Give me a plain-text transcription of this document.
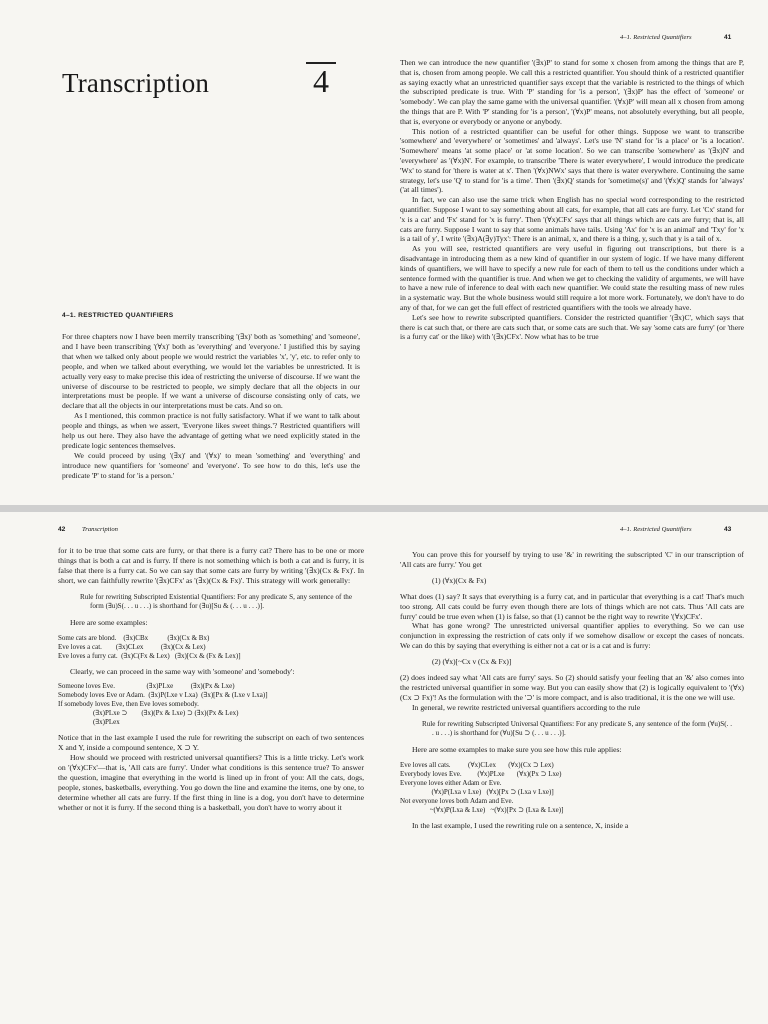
Transcription	4
4–1. RESTRICTED QUANTIFIERS

For three chapters now I have been merrily transcribing '(∃x)' both as 'something' and 'someone', and I have been transcribing '(∀x)' both as 'everything' and 'everyone.' I justified this by saying that when we talked only about people we would restrict the variables 'x', 'y', etc. to refer only to people, and when we talked about everything, we would let the variables be unrestricted. It is actually very easy to make precise this idea of restricting the universe of discourse. If we want the universe of discourse to be restricted to people, we simply declare that all the objects in our interpretations must be people. If we want a universe of discourse consisting only of cats, we declare that all the objects in our interpretations must be cats. And so on.

As I mentioned, this common practice is not fully satisfactory. What if we want to talk about people and things, as when we assert, 'Everyone likes sweet things.'? Restricted quantifiers will help us out here. They also have the advantage of getting what we need explicitly stated in the predicate logic sentences themselves.

We could proceed by using '(∃x)' and '(∀x)' to mean 'something' and 'everything' and introduce new quantifiers for 'someone' and 'everyone'. To see how to do this, let's use the predicate 'P' to stand for 'is a person.'

4–1. Restricted Quantifiers	41

Then we can introduce the new quantifier '(∃x)P' to stand for some x chosen from among the things that are P, that is, chosen from among people. We call this a restricted quantifier. You should think of a restricted quantifier as saying exactly what an unrestricted quantifier says except that the variable is restricted to the things of which the subscripted predicate is true. With 'P' standing for 'is a person', '(∃x)P' has the effect of 'someone' or 'somebody'. We can play the same game with the universal quantifier. '(∀x)P' will mean all x chosen from among the things that are P. With 'P' standing for 'is a person', '(∀x)P' means, not absolutely everything, but all people, that is, everyone or everybody or anyone or anybody.

This notion of a restricted quantifier can be useful for other things. Suppose we want to transcribe 'somewhere' and 'everywhere' or 'sometimes' and 'always'. Let's use 'N' stand for 'is a place' or 'is a location'. 'Somewhere' means 'at some place' or 'at some location'. So we can transcribe 'somewhere' as '(∃x)N' and 'everywhere' as '(∀x)N'. For example, to transcribe 'There is water everywhere', I would introduce the predicate 'Wx' to stand for 'there is water at x'. Then '(∀x)NWx' says that there is water everywhere. Continuing the same strategy, let's use 'Q' to stand for 'is a time'. Then '(∃x)Q' stands for 'sometime(s)' and '(∀x)Q' stands for 'always' ('at all times').

In fact, we can also use the same trick when English has no special word corresponding to the restricted quantifier. Suppose I want to say something about all cats, for example, that all cats are furry. Let 'Cx' stand for 'x is a cat' and 'Fx' stand for 'x is furry'. Then '(∀x)CFx' says that all things which are cats are furry; that is, all cats are furry. Suppose I want to say that some animals have tails. Using 'Ax' for 'x is an animal' and 'Txy' for 'x is a tail of y', I write '(∃x)A(∃y)Tyx': There is an animal, x, and there is a thing, y, such that y is a tail of x.

As you will see, restricted quantifiers are very useful in figuring out transcriptions, but there is a disadvantage in introducing them as a new kind of quantifier in our system of logic. If we have many different kinds of quantifiers, we will have to specify a new rule for each of them to tell us the conditions under which a sentence formed with the quantifier is true. And when we get to checking the validity of arguments, we will have to have a new rule of inference to deal with each new quantifier. We could state the resulting mass of new rules in a systematic way. But the whole business would still require a lot more work. Fortunately, we don't have to do any of that, for we can get the full effect of restricted quantifiers with the tools we already have.

Let's see how to rewrite subscripted quantifiers. Consider the restricted quantifier '(∃x)C', which says that there is cat such that, or there are cats such that, or some cats are such that. We say 'some cats are furry' (or 'there is a furry cat' or the like) with '(∃x)CFx'. Now what has to be true

42	Transcription

for it to be true that some cats are furry, or that there is a furry cat? There has to be one or more things that is both a cat and is furry. If there is not something which is both a cat and is furry, it is false that there is a furry cat. So we can say that some cats are furry by writing '(∃x)(Cx & Fx)'. In short, we can faithfully rewrite '(∃x)CFx' as '(∃x)(Cx & Fx)'. This strategy will work generally:

Rule for rewriting Subscripted Existential Quantifiers: For any predicate S, any sentence of the form (∃u)S(. . . u . . .) is shorthand for (∃u)[Su & (. . . u . . .)].

Here are some examples:

Some cats are blond.    (∃x)CBx           (∃x)(Cx & Bx)
Eve loves a cat.        (∃x)CLex          (∃x)(Cx & Lex)
Eve loves a furry cat.  (∃x)C(Fx & Lex)   (∃x)[Cx & (Fx & Lex)]

Clearly, we can proceed in the same way with 'someone' and 'somebody':

Someone loves Eve.                  (∃x)PLxe          (∃x)(Px & Lxe)
Somebody loves Eve or Adam.  (∃x)P(Lxe v Lxa)  (∃x)[Px & (Lxe v Lxa)]
If somebody loves Eve, then Eve loves somebody.
(∃x)PLxe ⊃        (∃x)(Px & Lxe) ⊃ (∃x)(Px & Lex)
(∃x)PLex

Notice that in the last example I used the rule for rewriting the subscript on each of two sentences X and Y, inside a compound sentence, X ⊃ Y.

How should we proceed with restricted universal quantifiers? This is a little tricky. Let's work on '(∀x)CFx'—that is, 'All cats are furry'. Under what conditions is this sentence true? To answer the question, imagine that everything in the world is lined up in front of you: All the cats, dogs, people, stones, basketballs, everything. You go down the line and examine the items, one by one, to determine whether all cats are furry. If the first thing in line is a dog, you don't have to determine whether or not it is furry. If the second thing is a basketball, you don't have to worry about it

4–1. Restricted Quantifiers	43

You can prove this for yourself by trying to use '&' in rewriting the subscripted 'C' in our transcription of 'All cats are furry.' You get

(1) (∀x)(Cx & Fx)

What does (1) say? It says that everything is a furry cat, and in particular that everything is a cat! That's much too strong. All cats could be furry even though there are lots of things which are not cats. Thus 'All cats are furry' could be true even when (1) is false, so that (1) cannot be the right way to rewrite '(∀x)CFx'.

What has gone wrong? The unrestricted universal quantifier applies to everything. So we can use conjunction in expressing the restriction of cats only if we somehow disallow or except the cases of noncats. We can do this by saying that everything is either not a cat or is a cat and is furry:

(2) (∀x)[~Cx v (Cx & Fx)]

(2) does indeed say what 'All cats are furry' says. So (2) should satisfy your feeling that an '&' also comes into the restricted universal quantifier in some way. But you can easily show that (2) is logically equivalent to '(∀x)(Cx ⊃ Fx)'! As the formulation with the '⊃' is more compact, and is also traditional, it is the one we will use.

In general, we rewrite restricted universal quantifiers according to the rule

Rule for rewriting Subscripted Universal Quantifiers: For any predicate S, any sentence of the form (∀u)S(. . . u . . .) is shorthand for (∀u)[Su ⊃ (. . . u . . .)].

Here are some examples to make sure you see how this rule applies:

Eve loves all cats.          (∀x)CLex       (∀x)(Cx ⊃ Lex)
Everybody loves Eve.         (∀x)PLxe       (∀x)(Px ⊃ Lxe)
Everyone loves either Adam or Eve.
(∀x)P(Lxa v Lxe)   (∀x)[Px ⊃ (Lxa v Lxe)]
Not everyone loves both Adam and Eve.
~(∀x)P(Lxa & Lxe)   ~(∀x)[Px ⊃ (Lxa & Lxe)]

In the last example, I used the rewriting rule on a sentence, X, inside a
